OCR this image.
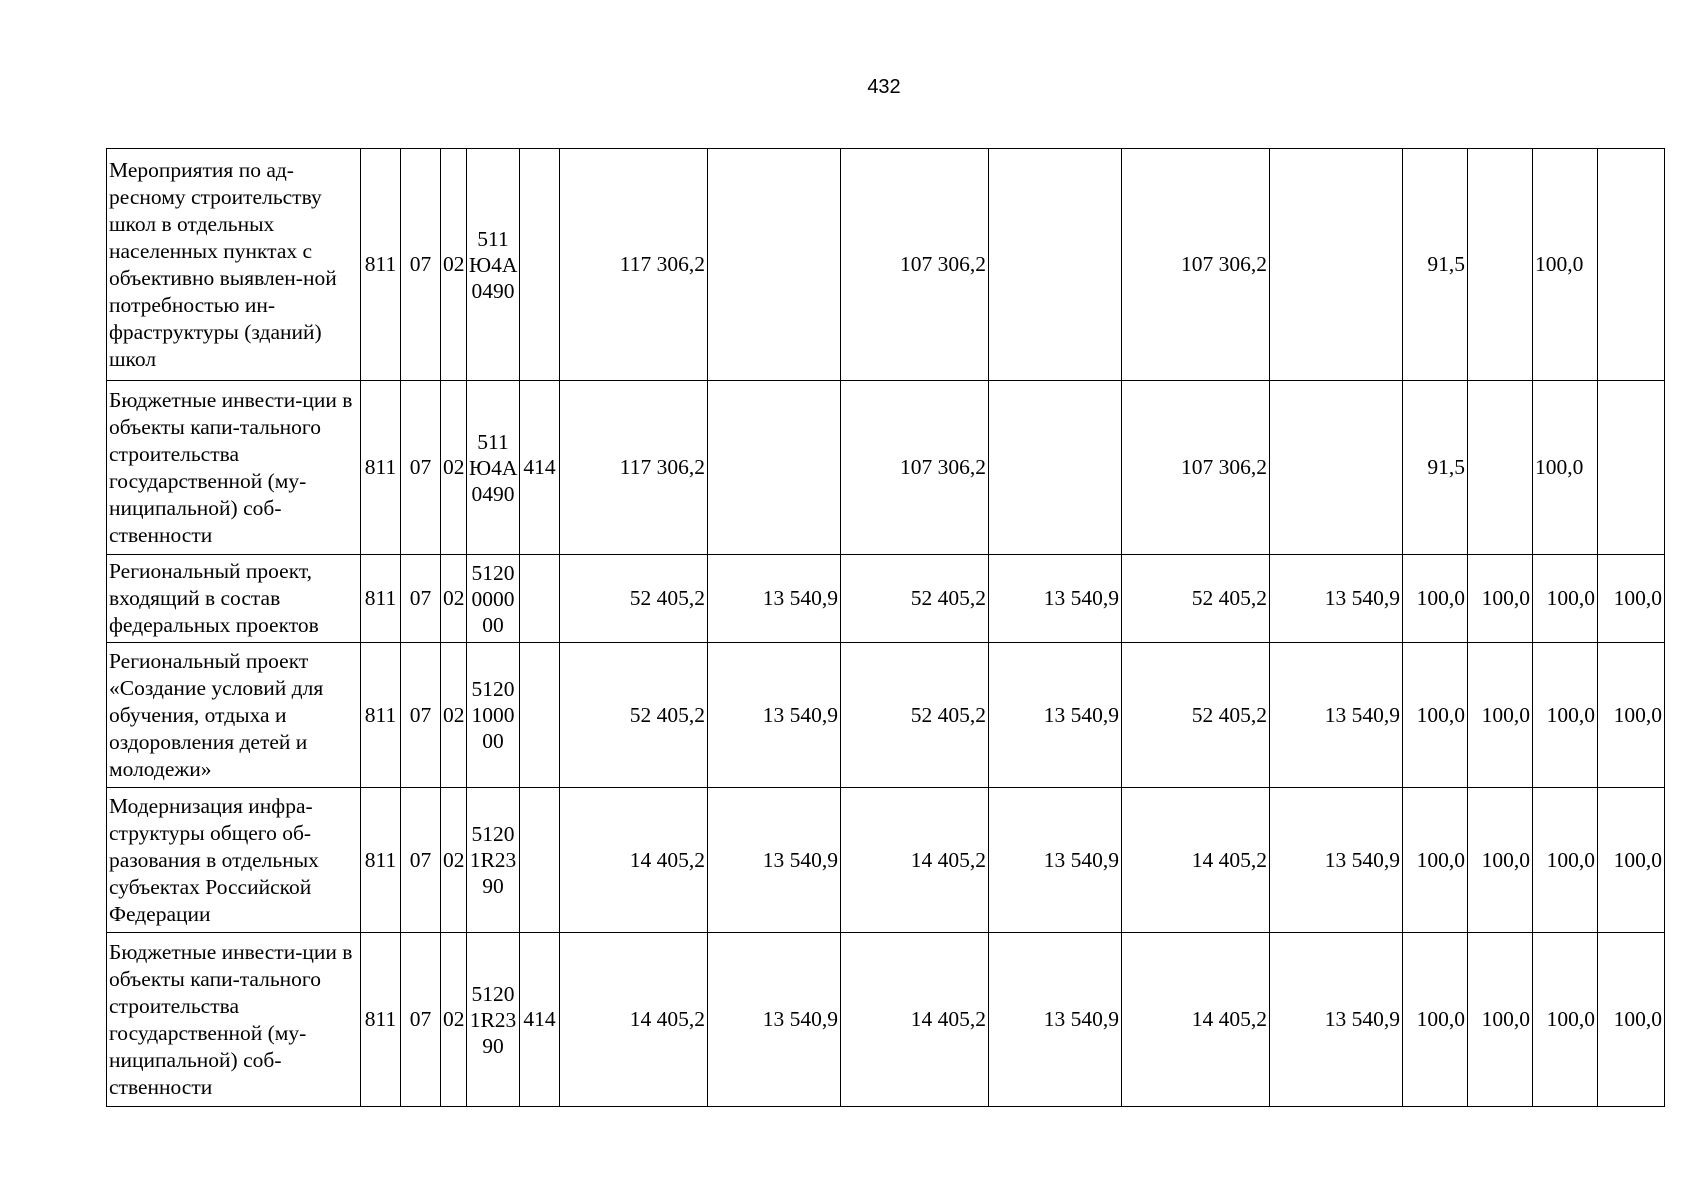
432
Мероприятия по ад-ресному строительству школ в отдельных населенных пунктах с объективно выявлен-ной потребностью ин-фраструктуры (зданий) школ	811	07	02	511 Ю4А 0490		117 306,2		107 306,2		107 306,2		91,5		100,0	
Бюджетные инвести-ции в объекты капи-тального строительства государственной (му-ниципальной) соб-ственности	811	07	02	511 Ю4А 0490	414	117 306,2		107 306,2		107 306,2		91,5		100,0	
Региональный проект, входящий в состав федеральных проектов	811	07	02	5120 0000 00		52 405,2	13 540,9	52 405,2	13 540,9	52 405,2	13 540,9	100,0	100,0	100,0	100,0
Региональный проект «Создание условий для обучения, отдыха и оздоровления детей и молодежи»	811	07	02	5120 1000 00		52 405,2	13 540,9	52 405,2	13 540,9	52 405,2	13 540,9	100,0	100,0	100,0	100,0
Модернизация инфра-структуры общего об-разования в отдельных субъектах Российской Федерации	811	07	02	5120 1R23 90		14 405,2	13 540,9	14 405,2	13 540,9	14 405,2	13 540,9	100,0	100,0	100,0	100,0
Бюджетные инвести-ции в объекты капи-тального строительства государственной (му-ниципальной) соб-ственности	811	07	02	5120 1R23 90	414	14 405,2	13 540,9	14 405,2	13 540,9	14 405,2	13 540,9	100,0	100,0	100,0	100,0
